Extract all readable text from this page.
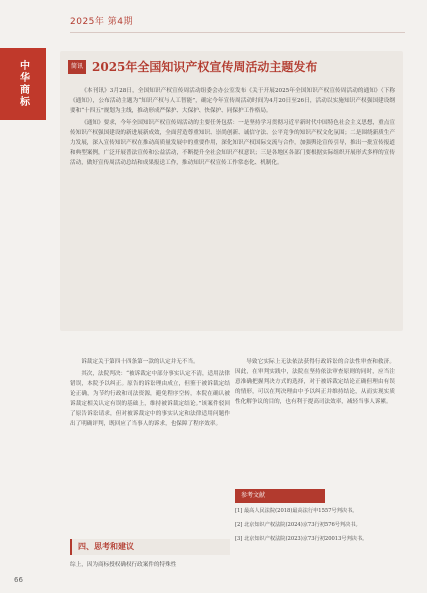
2025年 第4期
中华商标	简讯 2025年全国知识产权宣传周活动主题发布

《本刊讯》3月28日，全国知识产权宣传周活动组委会办公室发布《关于开展2025年全国知识产权宣传周活动的通知》（下称《通知》），公布活动主题为“知识产权与人工智能”，确定今年宣传周活动时间为4月20日至26日，活动以实施知识产权强国建设纲要和“十四五”规划为主线，推动形成严保护、大保护、快保护、同保护工作格局。

《通知》要求，今年全国知识产权宣传周活动的主要任务包括：一是坚持学习贯彻习近平新时代中国特色社会主义思想，重点宣传知识产权强国建设的新进展新成效，全面营造尊重知识、崇尚创新、诚信守法、公平竞争的知识产权文化氛围；二是围绕新质生产力发展，深入宣传知识产权在推动高质量发展中的重要作用，深化知识产权国际交流与合作，加强舆论宣传引导，推出一批宣传报道和典型案例，广泛开展普法宣传和公益活动，不断提升全社会知识产权意识；三是各地区各部门要根据实际组织开展形式多样的宣传活动，做好宣传周活动总结和成果报送工作，推动知识产权宣传工作常态化、机制化。

诉裁定关于第四十四条第一款的认定并无不当。

其次，法院判决：“被诉裁定中部分事实认定不清，适用法律错误，本院予以纠正。原告的诉讼理由成立，但鉴于被诉裁定结论正确，为节约行政和司法资源，避免程序空转，本院在确认被诉裁定相关认定有误的基础上，维持被诉裁定结论。”该案件驳回了原告诉讼请求，但对被诉裁定中的事实认定和法律适用问题作出了明确评判，既回应了当事人的诉求，也保障了程序效率。

导致它实际上无法依法获得行政诉讼的合法性审查和救济。因此，在审判实践中，法院在坚持依法审查原则的同时，应当注意准确把握判决方式的选择，对于被诉裁定结论正确但理由有误的情形，可以在判决理由中予以纠正并维持结论，从而实现实质性化解争议的目的，也有利于提高司法效率，减轻当事人诉累。

四、思考和建议
综上，因为商标授权确权行政案件的特殊性
参考文献
[1] 最高人民法院(2018)最高法行申1557号判决书。
[2] 北京知识产权法院(2024)京73行初576号判决书。
[3] 北京知识产权法院(2023)京73行初20013号判决书。
66
